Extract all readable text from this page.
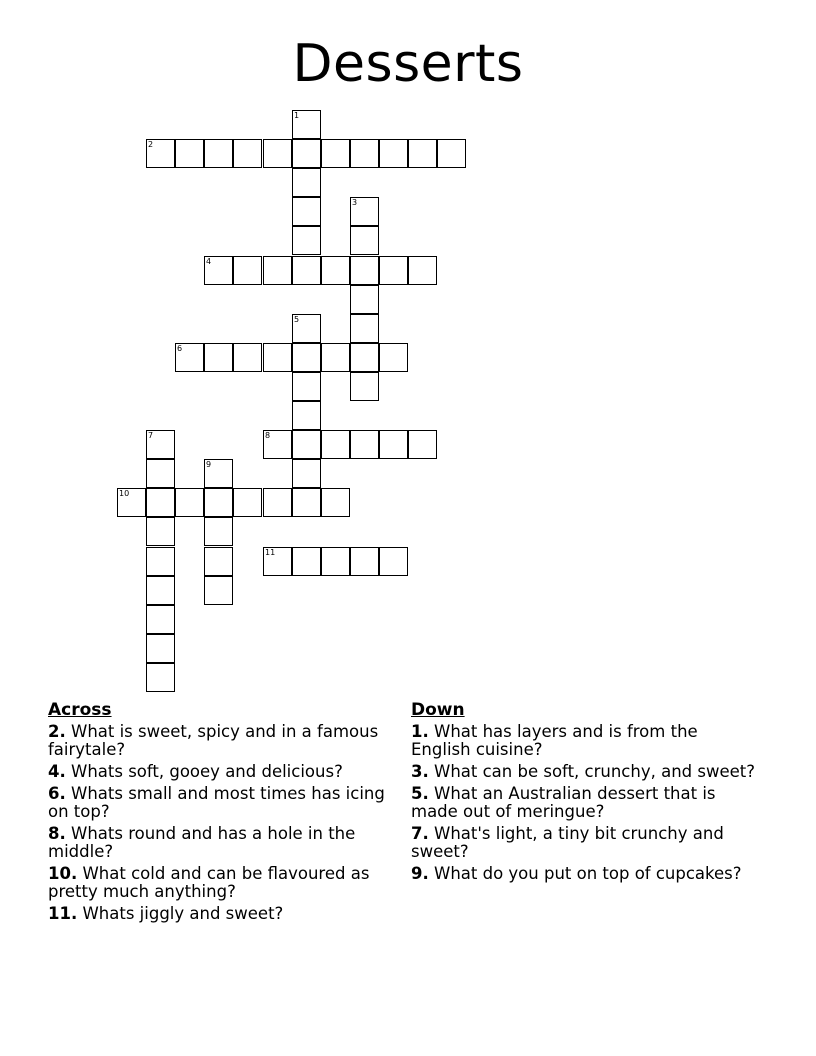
Desserts
1
2
3
4
5
6
7	8
9
10
11
Across
2. What is sweet, spicy and in a famous fairytale?
4. Whats soft, gooey and delicious?
6. Whats small and most times has icing on top?
8. Whats round and has a hole in the middle?
10. What cold and can be flavoured as pretty much anything?
11. Whats jiggly and sweet?
Down
1. What has layers and is from the English cuisine?
3. What can be soft, crunchy, and sweet?
5. What an Australian dessert that is made out of meringue?
7. What's light, a tiny bit crunchy and sweet?
9. What do you put on top of cupcakes?
